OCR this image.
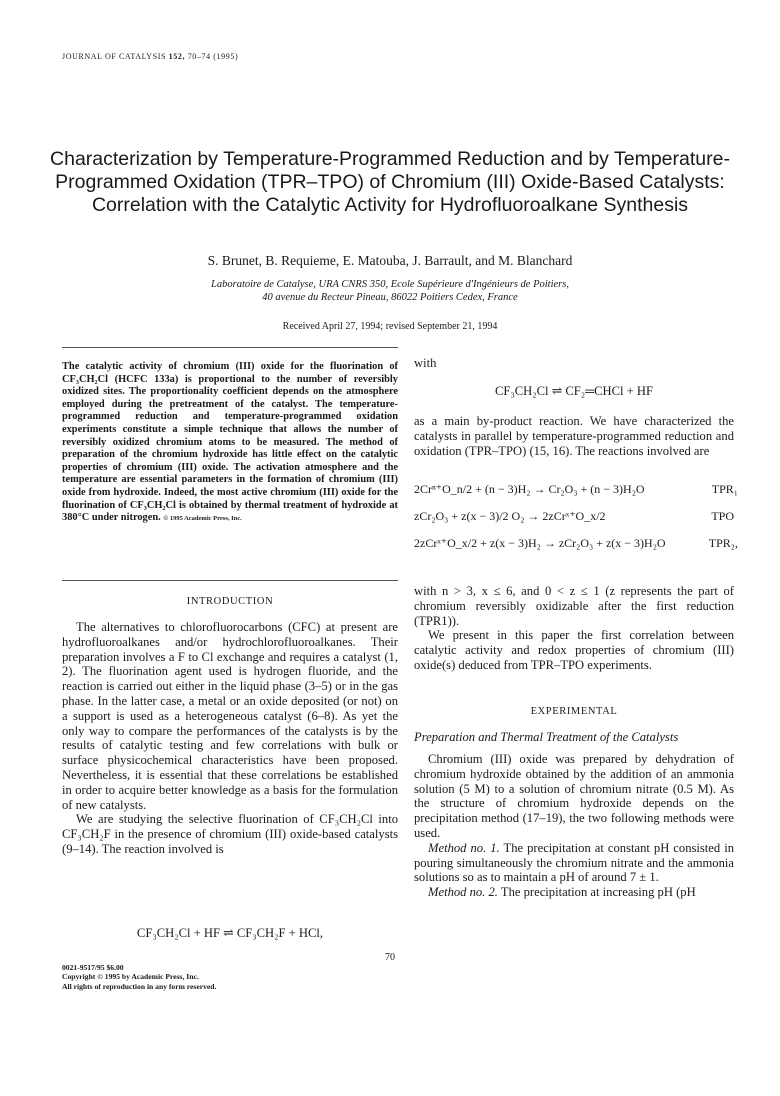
JOURNAL OF CATALYSIS 152, 70–74 (1995)
Characterization by Temperature-Programmed Reduction and by Temperature-Programmed Oxidation (TPR–TPO) of Chromium (III) Oxide-Based Catalysts: Correlation with the Catalytic Activity for Hydrofluoroalkane Synthesis
S. Brunet, B. Requieme, E. Matouba, J. Barrault, and M. Blanchard
Laboratoire de Catalyse, URA CNRS 350, Ecole Supérieure d'Ingénieurs de Poitiers,
40 avenue du Recteur Pineau, 86022 Poitiers Cedex, France
Received April 27, 1994; revised September 21, 1994
The catalytic activity of chromium (III) oxide for the fluorination of CF₃CH₂Cl (HCFC 133a) is proportional to the number of reversibly oxidized sites. The proportionality coefficient depends on the atmosphere employed during the pretreatment of the catalyst. The temperature-programmed reduction and temperature-programmed oxidation experiments constitute a simple technique that allows the number of reversibly oxidized chromium atoms to be measured. The method of preparation of the chromium hydroxide has little effect on the catalytic properties of chromium (III) oxide. The activation atmosphere and the temperature are essential parameters in the formation of chromium (III) oxide from hydroxide. Indeed, the most active chromium (III) oxide for the fluorination of CF₃CH₂Cl is obtained by thermal treatment of hydroxide at 380°C under nitrogen. © 1995 Academic Press, Inc.
INTRODUCTION

The alternatives to chlorofluorocarbons (CFC) at present are hydrofluoroalkanes and/or hydrochlorofluoroalkanes. Their preparation involves a F to Cl exchange and requires a catalyst (1, 2). The fluorination agent used is hydrogen fluoride, and the reaction is carried out either in the liquid phase (3–5) or in the gas phase. In the latter case, a metal or an oxide deposited (or not) on a support is used as a heterogeneous catalyst (6–8). As yet the only way to compare the performances of the catalysts is by the results of catalytic testing and few correlations with bulk or surface physicochemical characteristics have been proposed. Nevertheless, it is essential that these correlations be established in order to acquire better knowledge as a basis for the formulation of new catalysts.

We are studying the selective fluorination of CF₃CH₂Cl into CF₃CH₂F in the presence of chromium (III) oxide-based catalysts (9–14). The reaction involved is

CF₃CH₂Cl + HF ⇌ CF₃CH₂F + HCl,

with

CF₃CH₂Cl ⇌ CF₂═CHCl + HF

as a main by-product reaction. We have characterized the catalysts in parallel by temperature-programmed reduction and oxidation (TPR–TPO) (15, 16). The reactions involved are

2Crⁿ⁺O_n/2 + (n − 3)H₂ → Cr₂O₃ + (n − 3)H₂O	TPR₁
zCr₂O₃ + z(x − 3)/2 O₂ → 2zCrˣ⁺O_x/2	TPO
2zCrˣ⁺O_x/2 + z(x − 3)H₂ → zCr₂O₃ + z(x − 3)H₂O	TPR₂,

with n > 3, x ≤ 6, and 0 < z ≤ 1 (z represents the part of chromium reversibly oxidizable after the first reduction (TPR1)).

We present in this paper the first correlation between catalytic activity and redox properties of chromium (III) oxide(s) deduced from TPR–TPO experiments.

EXPERIMENTAL
Preparation and Thermal Treatment of the Catalysts

Chromium (III) oxide was prepared by dehydration of chromium hydroxide obtained by the addition of an ammonia solution (5 M) to a solution of chromium nitrate (0.5 M). As the structure of chromium hydroxide depends on the precipitation method (17–19), the two following methods were used.

Method no. 1. The precipitation at constant pH consisted in pouring simultaneously the chromium nitrate and the ammonia solutions so as to maintain a pH of around 7 ± 1.

Method no. 2. The precipitation at increasing pH (pH

70
0021-9517/95 $6.00
Copyright © 1995 by Academic Press, Inc.
All rights of reproduction in any form reserved.
